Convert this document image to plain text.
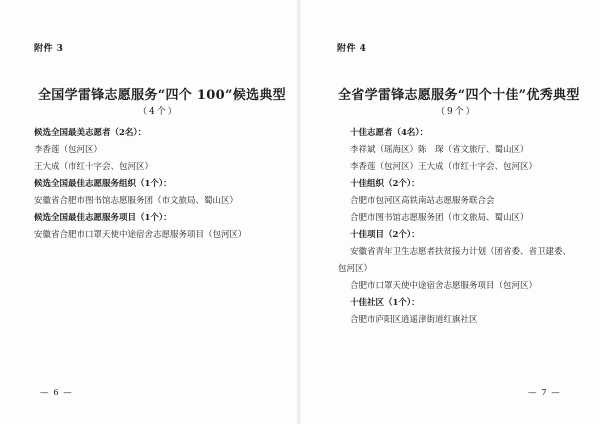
附件 3
全国学雷锋志愿服务“四个 100”候选典型
（4个）
候选全国最美志愿者（2名）：
李香莲（包河区）
王大成（市红十字会、包河区）
候选全国最佳志愿服务组织（1个）：
安徽省合肥市图书馆志愿服务团（市文旅局、蜀山区）
候选全国最佳志愿服务项目（1个）：
安徽省合肥市口罩天使中途宿舍志愿服务项目（包河区）
— 6 —
附件 4
全省学雷锋志愿服务“四个十佳”优秀典型
（9个）
十佳志愿者（4名）：
李祥斌（瑶海区）陈　琛（省文旅厅、蜀山区）
李香莲（包河区）王大成（市红十字会、包河区）
十佳组织（2个）：
合肥市包河区高铁南站志愿服务联合会
合肥市图书馆志愿服务团（市文旅局、蜀山区）
十佳项目（2个）：
安徽省青年卫生志愿者扶贫接力计划（团省委、省卫建委、
包河区）
合肥市口罩天使中途宿舍志愿服务项目（包河区）
十佳社区（1个）：
合肥市庐阳区逍遥津街道红旗社区
— 7 —
